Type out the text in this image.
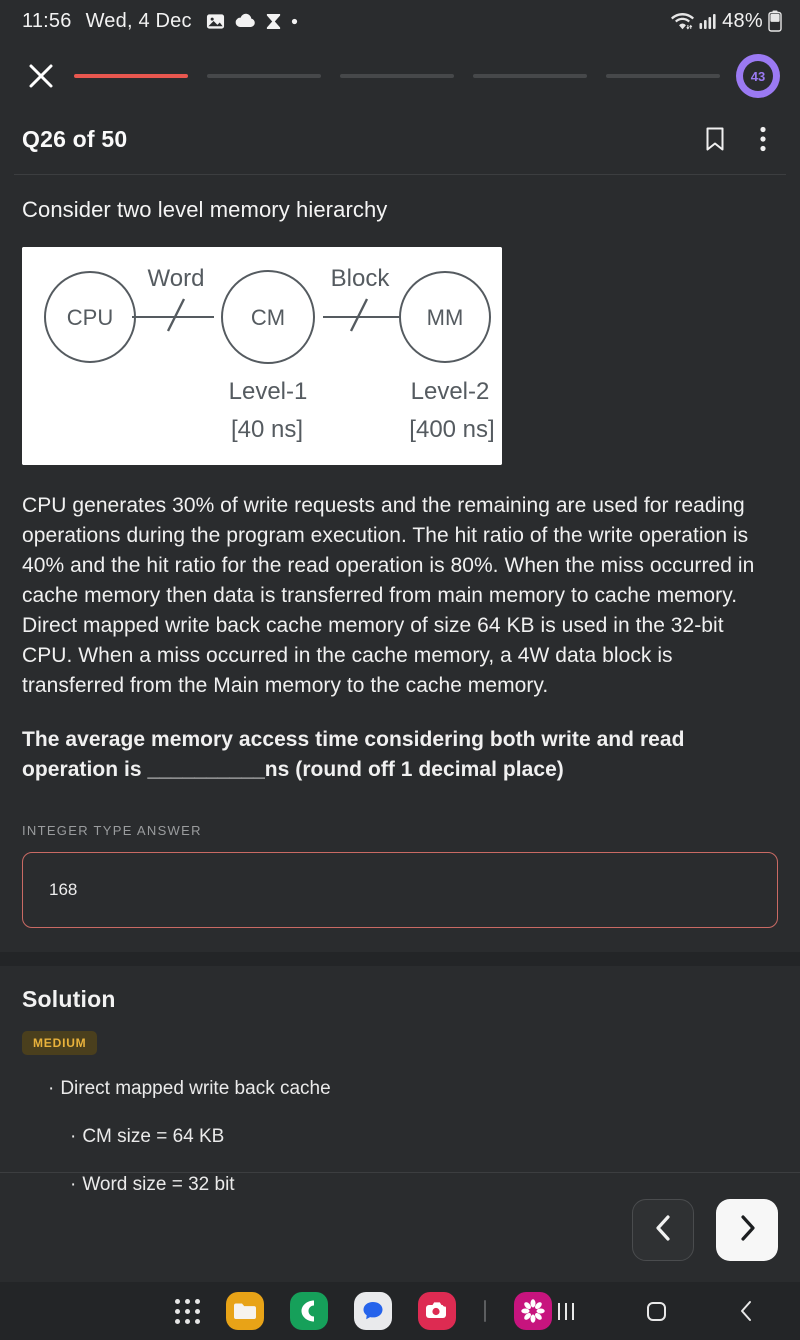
11:56 Wed, 4 Dec	48%
43
Q26 of 50
Consider two level memory hierarchy
CPU	CM	MM
Word	Block
Level-1	Level-2
[40 ns]	[400 ns]

CPU generates 30% of write requests and the remaining are used for reading operations during the program execution. The hit ratio of the write operation is 40% and the hit ratio for the read operation is 80%. When the miss occurred in cache memory then data is transferred from main memory to cache memory. Direct mapped write back cache memory of size 64 KB is used in the 32-bit CPU. When a miss occurred in the cache memory, a 4W data block is transferred from the Main memory to the cache memory.

The average memory access time considering both write and read operation is __________ns (round off 1 decimal place)

INTEGER TYPE ANSWER
168
Solution
MEDIUM
· Direct mapped write back cache
· CM size = 64 KB
· Word size = 32 bit
